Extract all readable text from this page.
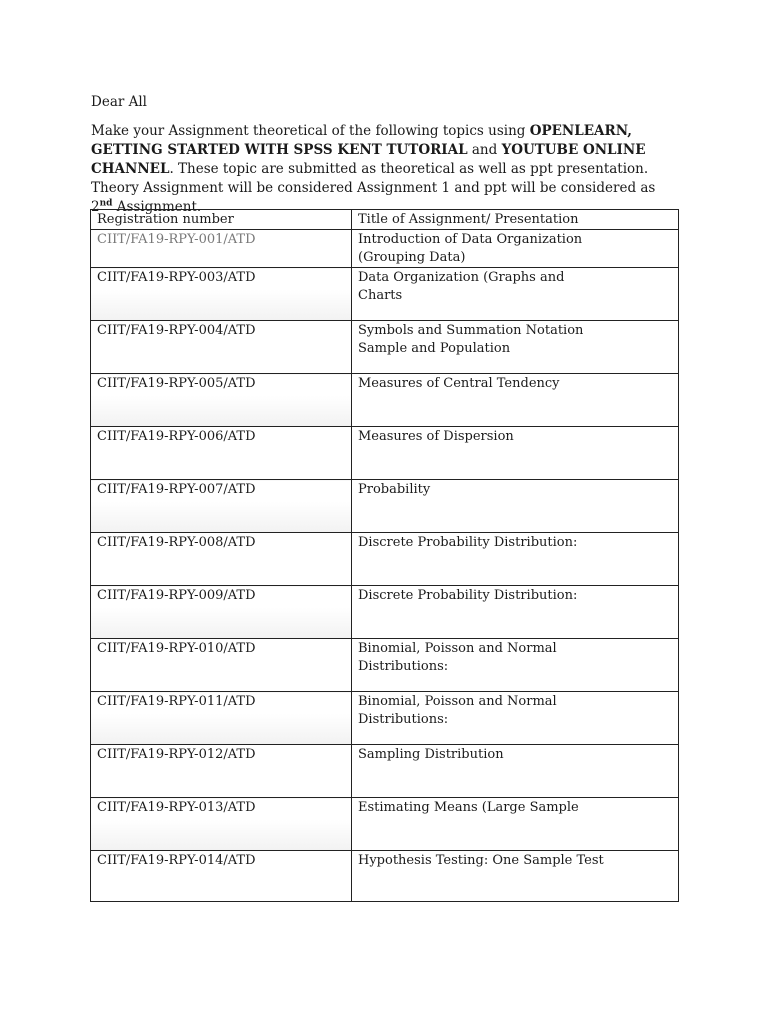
Dear All
Make your Assignment theoretical of the following topics using OPENLEARN, GETTING STARTED WITH SPSS KENT TUTORIAL and YOUTUBE ONLINE CHANNEL. These topic are submitted as theoretical as well as ppt presentation. Theory Assignment will be considered Assignment 1 and ppt will be considered as 2nd Assignment.
Registration number	Title of Assignment/ Presentation
CIIT/FA19-RPY-001/ATD	Introduction of Data Organization
(Grouping Data)

CIIT/FA19-RPY-003/ATD	Data Organization (Graphs and
Charts

CIIT/FA19-RPY-004/ATD	Symbols and Summation Notation
Sample and Population

CIIT/FA19-RPY-005/ATD	Measures of Central Tendency

CIIT/FA19-RPY-006/ATD	Measures of Dispersion

CIIT/FA19-RPY-007/ATD	Probability

CIIT/FA19-RPY-008/ATD	Discrete Probability Distribution:

CIIT/FA19-RPY-009/ATD	Discrete Probability Distribution:

CIIT/FA19-RPY-010/ATD	Binomial, Poisson and Normal
Distributions:

CIIT/FA19-RPY-011/ATD	Binomial, Poisson and Normal
Distributions:

CIIT/FA19-RPY-012/ATD	Sampling Distribution

CIIT/FA19-RPY-013/ATD	Estimating Means (Large Sample

CIIT/FA19-RPY-014/ATD	Hypothesis Testing: One Sample Test
